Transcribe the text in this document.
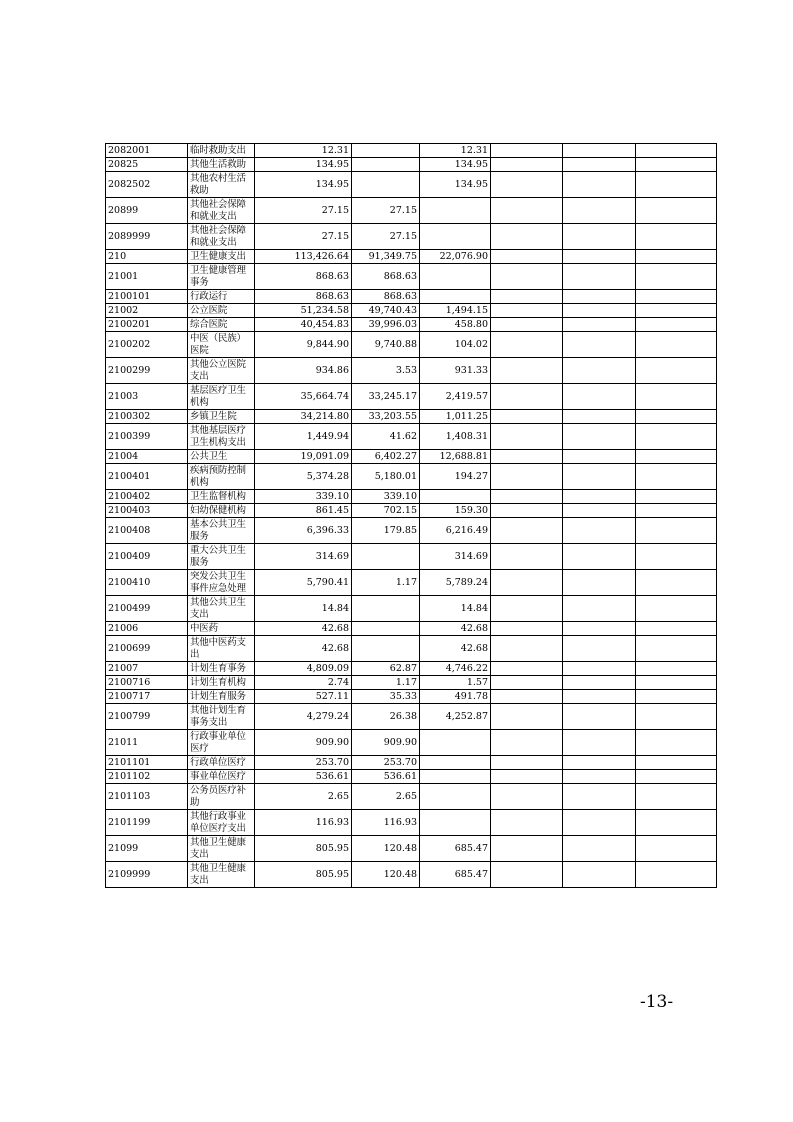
2082001	临时救助支出	12.31		12.31			
20825	其他生活救助	134.95		134.95			
2082502	其他农村生活救助	134.95		134.95			
20899	其他社会保障和就业支出	27.15	27.15				
2089999	其他社会保障和就业支出	27.15	27.15				
210	卫生健康支出	113,426.64	91,349.75	22,076.90			
21001	卫生健康管理事务	868.63	868.63				
2100101	行政运行	868.63	868.63				
21002	公立医院	51,234.58	49,740.43	1,494.15			
2100201	综合医院	40,454.83	39,996.03	458.80			
2100202	中医（民族）医院	9,844.90	9,740.88	104.02			
2100299	其他公立医院支出	934.86	3.53	931.33			
21003	基层医疗卫生机构	35,664.74	33,245.17	2,419.57			
2100302	乡镇卫生院	34,214.80	33,203.55	1,011.25			
2100399	其他基层医疗卫生机构支出	1,449.94	41.62	1,408.31			
21004	公共卫生	19,091.09	6,402.27	12,688.81			
2100401	疾病预防控制机构	5,374.28	5,180.01	194.27			
2100402	卫生监督机构	339.10	339.10				
2100403	妇幼保健机构	861.45	702.15	159.30			
2100408	基本公共卫生服务	6,396.33	179.85	6,216.49			
2100409	重大公共卫生服务	314.69		314.69			
2100410	突发公共卫生事件应急处理	5,790.41	1.17	5,789.24			
2100499	其他公共卫生支出	14.84		14.84			
21006	中医药	42.68		42.68			
2100699	其他中医药支出	42.68		42.68			
21007	计划生育事务	4,809.09	62.87	4,746.22			
2100716	计划生育机构	2.74	1.17	1.57			
2100717	计划生育服务	527.11	35.33	491.78			
2100799	其他计划生育事务支出	4,279.24	26.38	4,252.87			
21011	行政事业单位医疗	909.90	909.90				
2101101	行政单位医疗	253.70	253.70				
2101102	事业单位医疗	536.61	536.61				
2101103	公务员医疗补助	2.65	2.65				
2101199	其他行政事业单位医疗支出	116.93	116.93				
21099	其他卫生健康支出	805.95	120.48	685.47			
2109999	其他卫生健康支出	805.95	120.48	685.47			
-13-
